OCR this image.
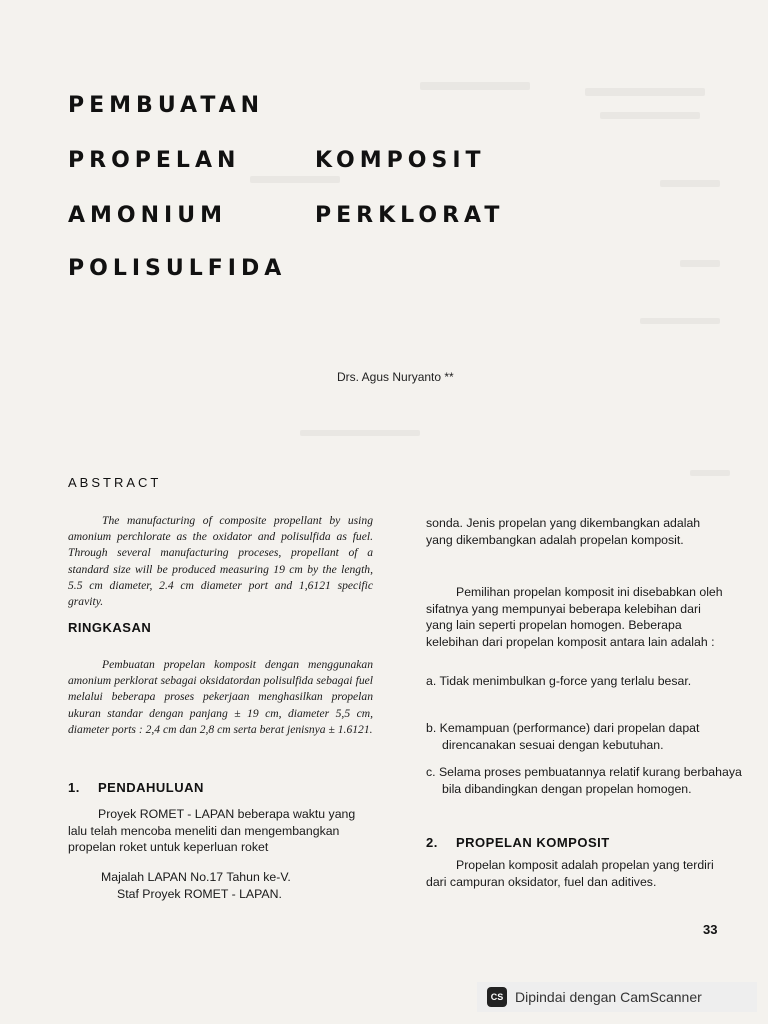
PEMBUATAN
PROPELAN	KOMPOSIT
AMONIUM	PERKLORAT
POLISULFIDA
Drs. Agus Nuryanto **
ABSTRACT

The manufacturing of composite propellant by using amonium perchlorate as the oxidator and polisulfida as fuel. Through several manufacturing proceses, propellant of a standard size will be produced measuring 19 cm by the length, 5.5 cm diameter, 2.4 cm diameter port and 1,6121 specific gravity.

RINGKASAN

Pembuatan propelan komposit dengan menggunakan amonium perklorat sebagai oksidatordan polisulfida sebagai fuel melalui beberapa proses pekerjaan menghasilkan propelan ukuran standar dengan panjang ± 19 cm, diameter 5,5 cm, diameter ports : 2,4 cm dan 2,8 cm serta berat jenisnya ± 1.6121.

1. PENDAHULUAN

Proyek ROMET - LAPAN beberapa waktu yang lalu telah mencoba meneliti dan mengembangkan propelan roket untuk keperluan roket

Majalah LAPAN No.17 Tahun ke-V.

Staf Proyek ROMET - LAPAN.

sonda. Jenis propelan yang dikembangkan adalah yang dikembangkan adalah propelan komposit.

Pemilihan propelan komposit ini disebabkan oleh sifatnya yang mempunyai beberapa kelebihan dari yang lain seperti propelan homogen. Beberapa kelebihan dari propelan komposit antara lain adalah :

a. Tidak menimbulkan g-force yang terlalu besar.

b. Kemampuan (performance) dari propelan dapat direncanakan sesuai dengan kebutuhan.

c. Selama proses pembuatannya relatif kurang berbahaya bila dibandingkan dengan propelan homogen.

2. PROPELAN KOMPOSIT

Propelan komposit adalah propelan yang terdiri dari campuran oksidator, fuel dan aditives.

33
CS Dipindai dengan CamScanner
